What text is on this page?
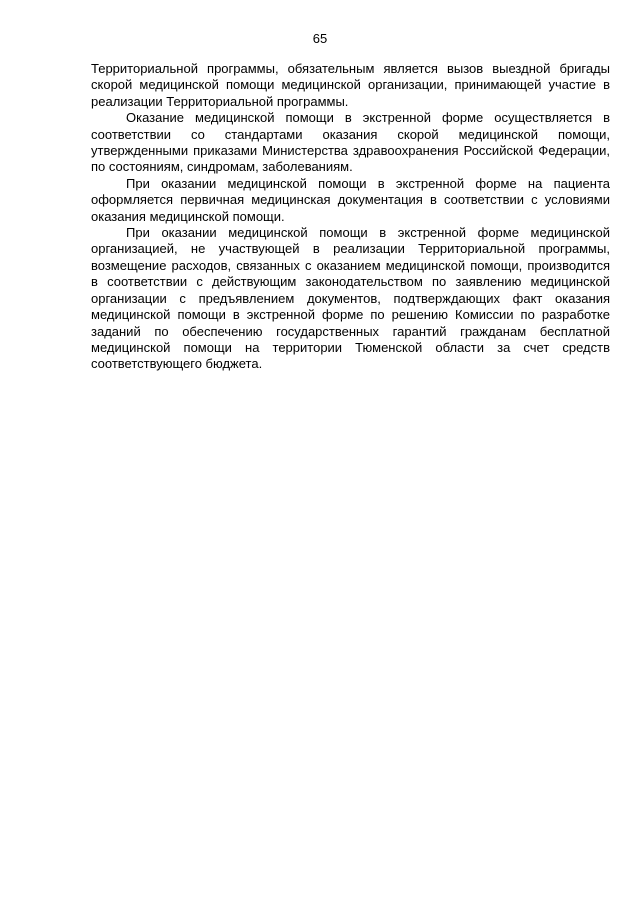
65

Территориальной программы, обязательным является вызов выездной бригады скорой медицинской помощи медицинской организации, принимающей участие в реализации Территориальной программы.

Оказание медицинской помощи в экстренной форме осуществляется в соответствии со стандартами оказания скорой медицинской помощи, утвержденными приказами Министерства здравоохранения Российской Федерации, по состояниям, синдромам, заболеваниям.

При оказании медицинской помощи в экстренной форме на пациента оформляется первичная медицинская документация в соответствии с условиями оказания медицинской помощи.

При оказании медицинской помощи в экстренной форме медицинской организацией, не участвующей в реализации Территориальной программы, возмещение расходов, связанных с оказанием медицинской помощи, производится в соответствии с действующим законодательством по заявлению медицинской организации с предъявлением документов, подтверждающих факт оказания медицинской помощи в экстренной форме по решению Комиссии по разработке заданий по обеспечению государственных гарантий гражданам бесплатной медицинской помощи на территории Тюменской области за счет средств соответствующего бюджета.
